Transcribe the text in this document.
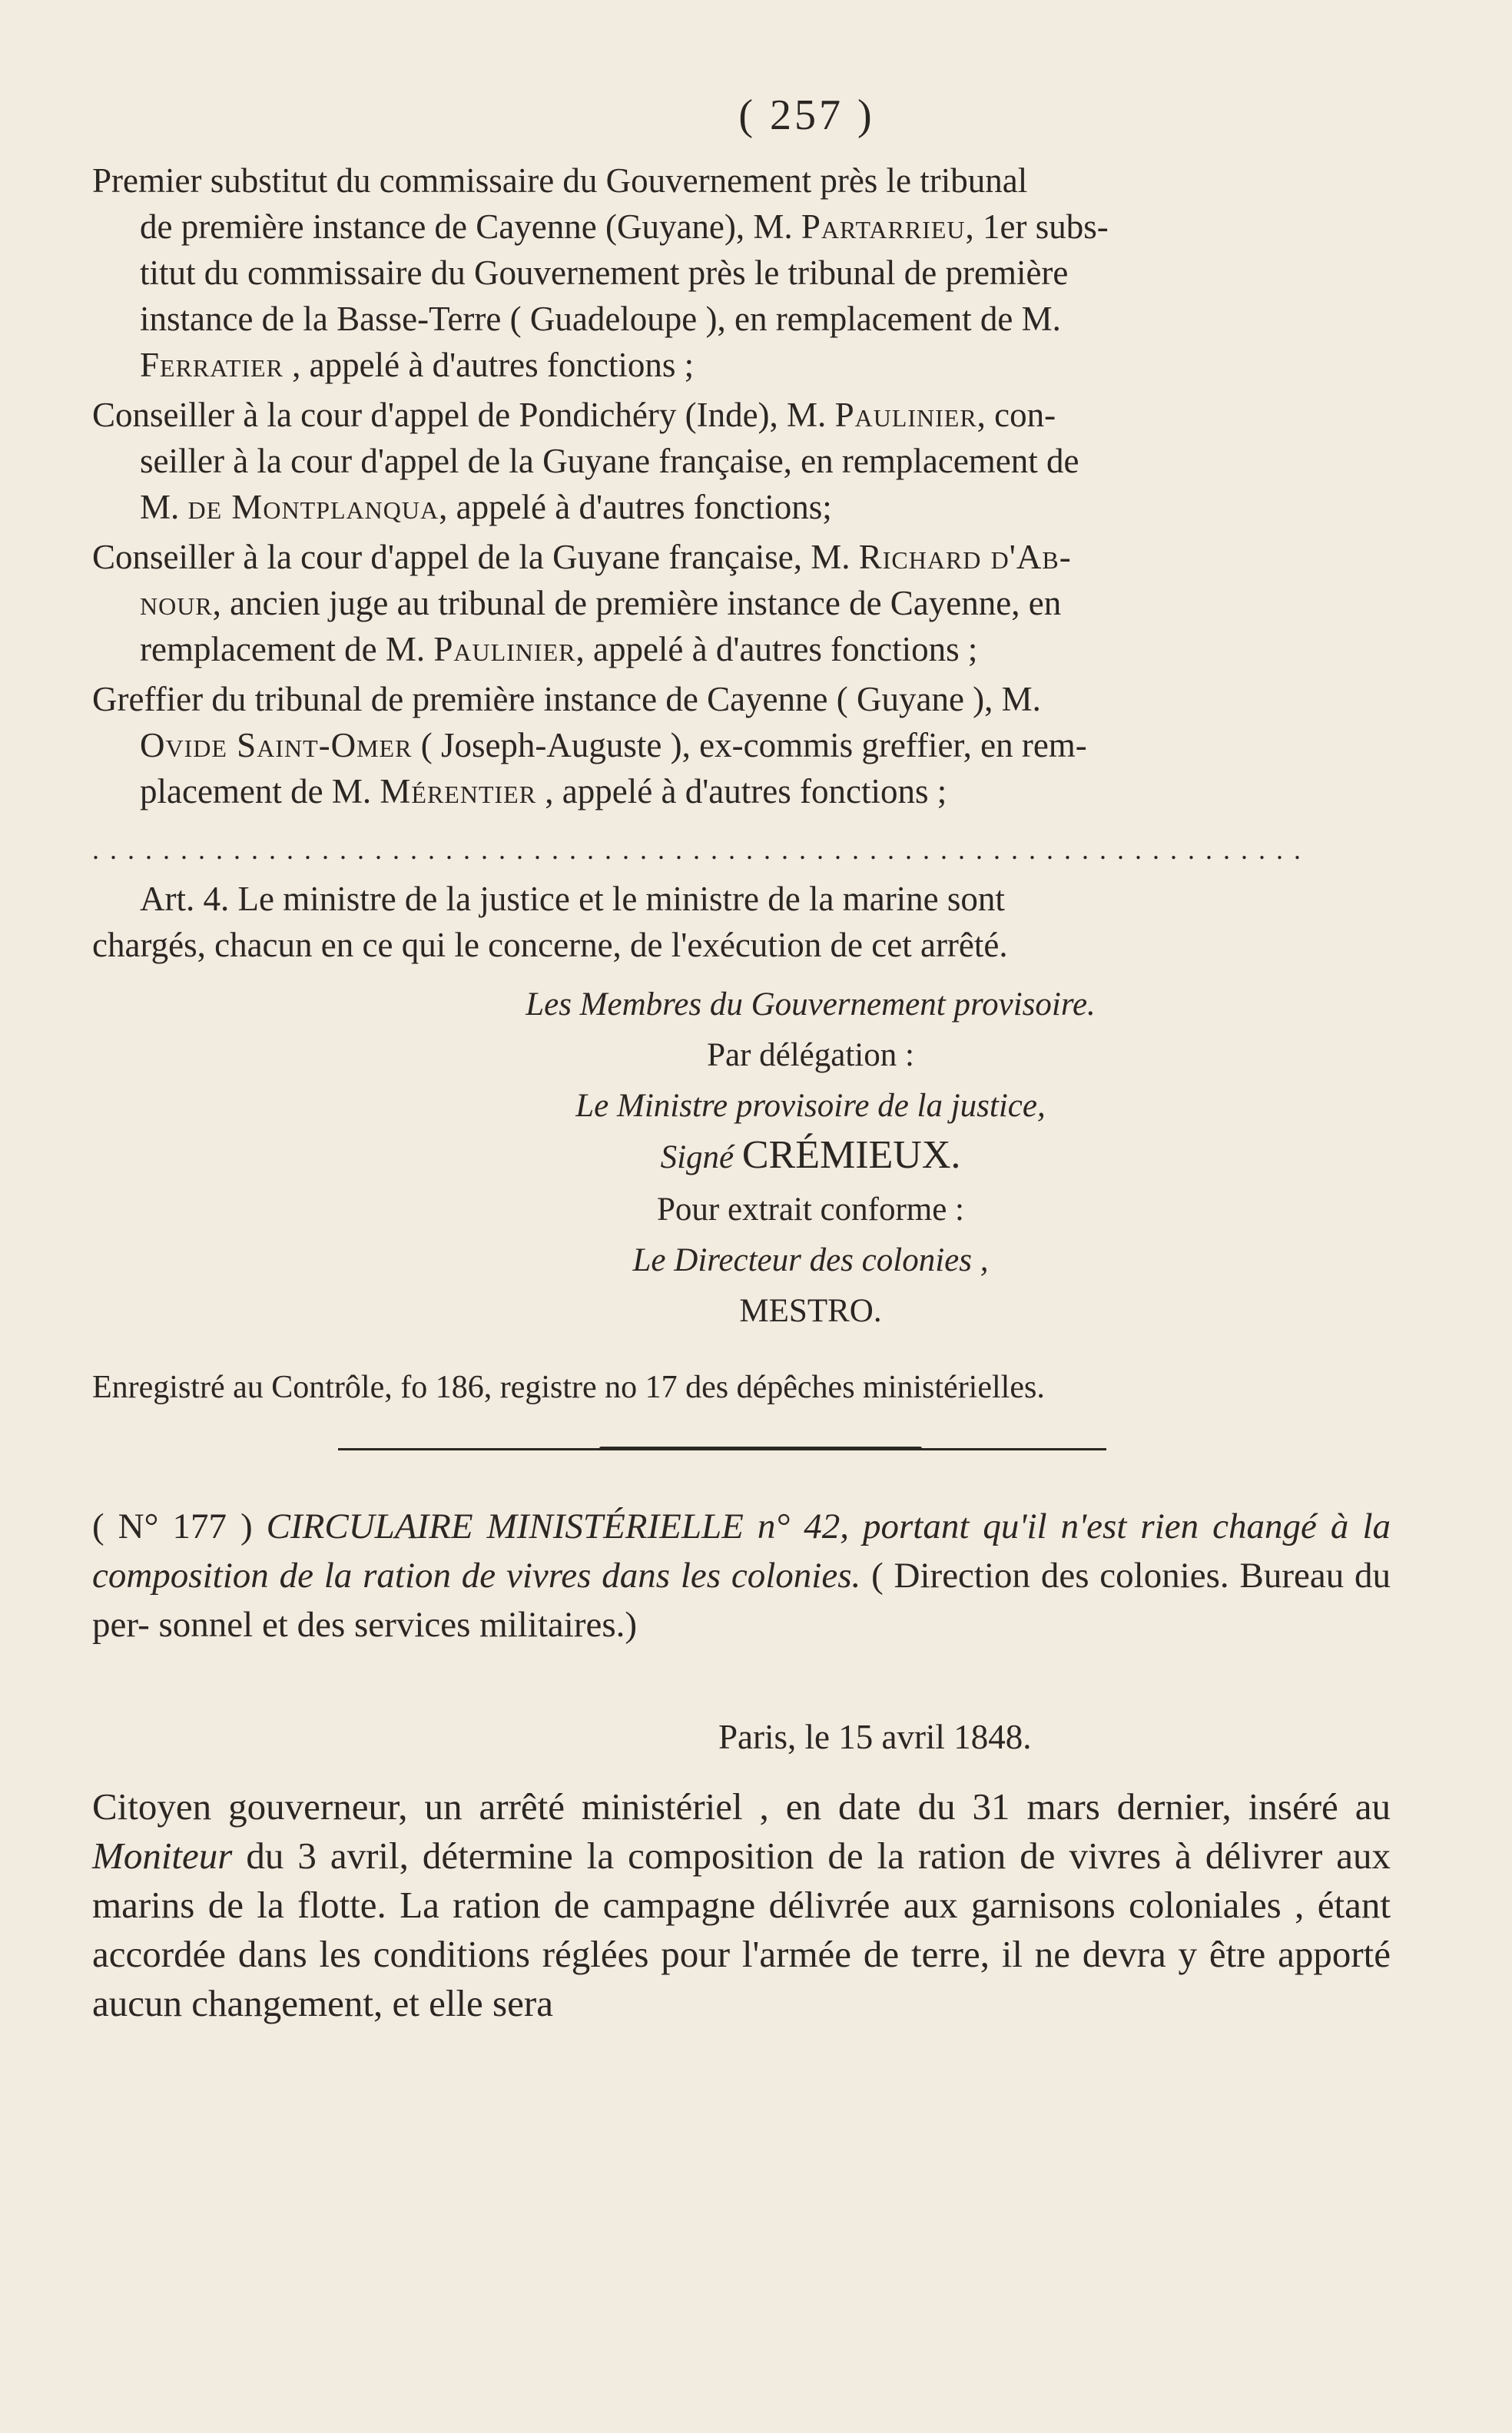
( 257 )
Premier substitut du commissaire du Gouvernement près le tribunal
de première instance de Cayenne (Guyane), M. Partarrieu, 1er subs-
titut du commissaire du Gouvernement près le tribunal de première
instance de la Basse-Terre ( Guadeloupe ), en remplacement de M.
Ferratier , appelé à d'autres fonctions ;
Conseiller à la cour d'appel de Pondichéry (Inde), M. Paulinier, con-
seiller à la cour d'appel de la Guyane française, en remplacement de
M. de Montplanqua, appelé à d'autres fonctions;
Conseiller à la cour d'appel de la Guyane française, M. Richard d'Ab-
nour, ancien juge au tribunal de première instance de Cayenne, en
remplacement de M. Paulinier, appelé à d'autres fonctions ;
Greffier du tribunal de première instance de Cayenne ( Guyane ), M.
Ovide Saint-Omer ( Joseph-Auguste ), ex-commis greffier, en rem-
placement de M. Mérentier , appelé à d'autres fonctions ;
.....................................................................
Art. 4. Le ministre de la justice et le ministre de la marine sont
chargés, chacun en ce qui le concerne, de l'exécution de cet arrêté.
Les Membres du Gouvernement provisoire.
Par délégation :
Le Ministre provisoire de la justice,
Signé CRÉMIEUX.
Pour extrait conforme :
Le Directeur des colonies ,
MESTRO.
Enregistré au Contrôle, fo 186, registre no 17 des dépêches ministérielles.
( N° 177 ) CIRCULAIRE MINISTÉRIELLE n° 42, portant qu'il n'est rien changé à la composition de la ration de vivres dans les colonies. ( Direction des colonies. Bureau du per- sonnel et des services militaires.)
Paris, le 15 avril 1848.
Citoyen gouverneur, un arrêté ministériel , en date du 31 mars dernier, inséré au Moniteur du 3 avril, détermine la composition de la ration de vivres à délivrer aux marins de la flotte. La ration de campagne délivrée aux garnisons coloniales , étant accordée dans les conditions réglées pour l'armée de terre, il ne devra y être apporté aucun changement, et elle sera
